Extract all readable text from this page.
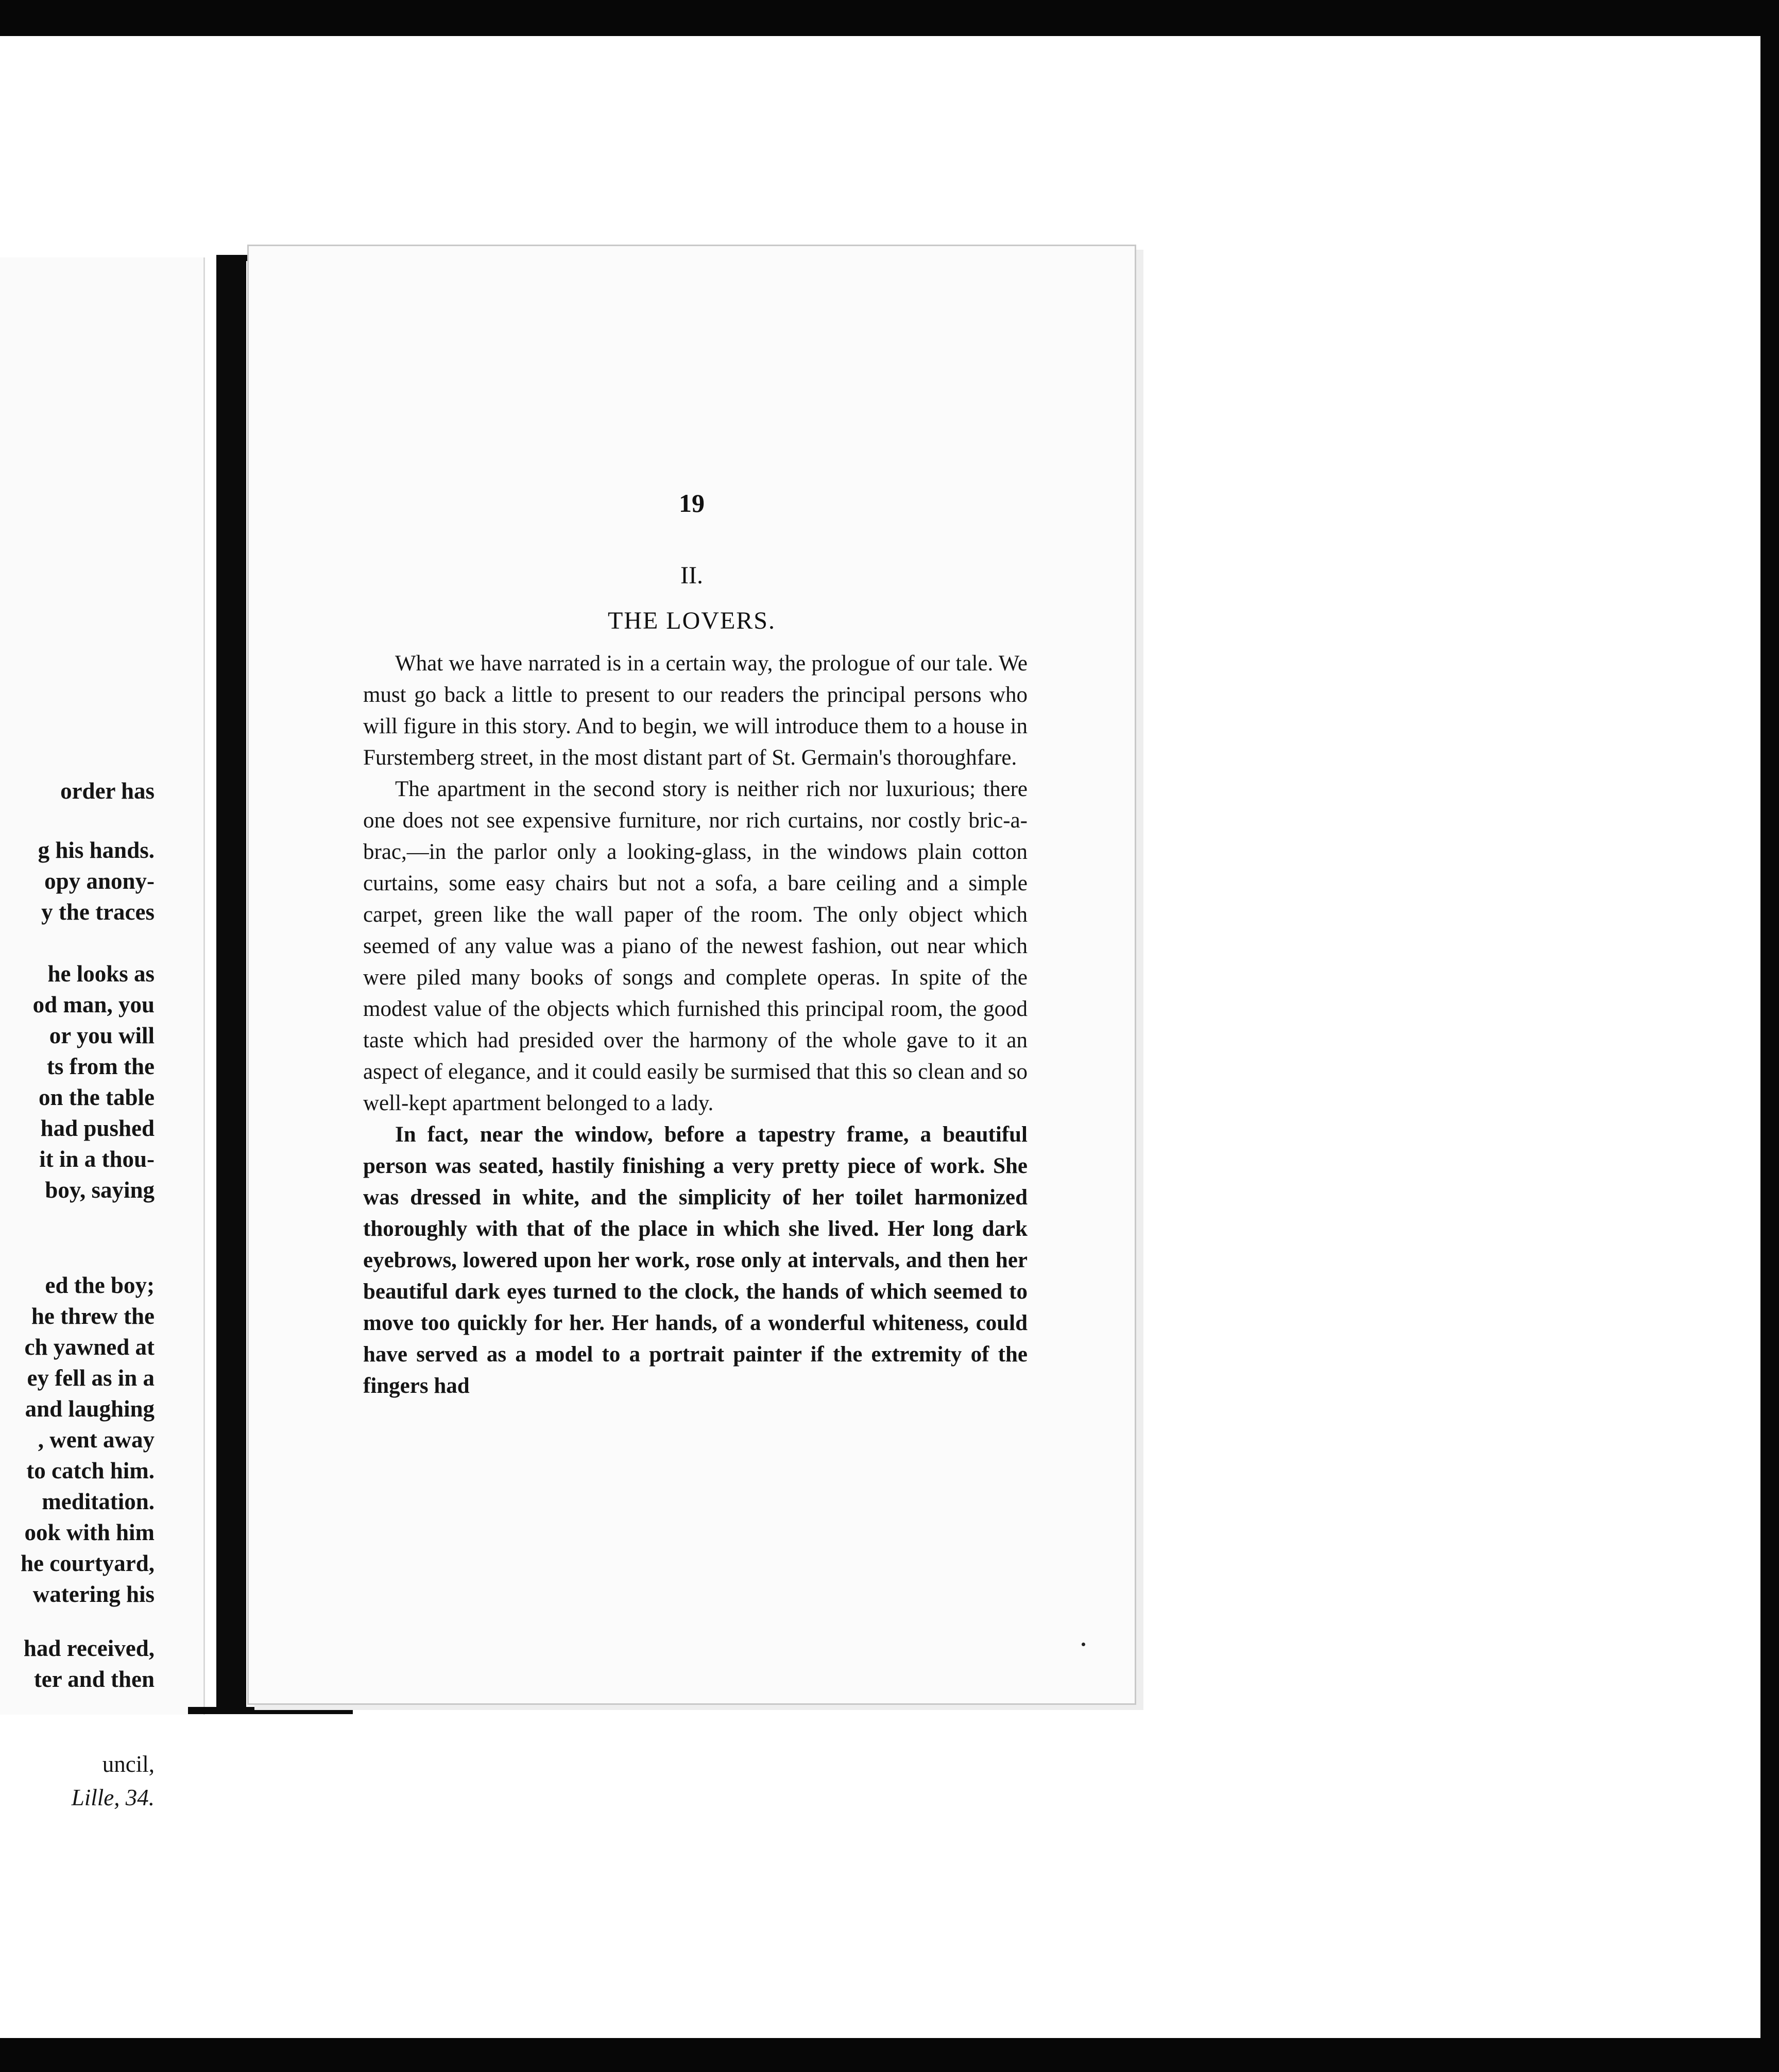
order has
g his hands.
opy anony-
y the traces
he looks as
od man, you
or you will
ts from the
on the table
had pushed
it in a thou-
boy, saying
ed the boy;
he threw the
ch yawned at
ey fell as in a
and laughing
, went away
to catch him.
meditation.
ook with him
he courtyard,
watering his
had received,
ter and then
uncil,
Lille, 34.
19
II.
THE LOVERS.

What we have narrated is in a certain way, the prologue of our tale. We must go back a little to present to our readers the principal persons who will figure in this story. And to begin, we will introduce them to a house in Furstemberg street, in the most distant part of St. Germain's thoroughfare.

The apartment in the second story is neither rich nor luxurious; there one does not see expensive furniture, nor rich curtains, nor costly bric-a- brac,—in the parlor only a looking-glass, in the windows plain cotton curtains, some easy chairs but not a sofa, a bare ceiling and a simple carpet, green like the wall paper of the room. The only object which seemed of any value was a piano of the newest fashion, out near which were piled many books of songs and complete operas. In spite of the modest value of the objects which furnished this principal room, the good taste which had presided over the harmony of the whole gave to it an aspect of elegance, and it could easily be surmised that this so clean and so well-kept apartment belonged to a lady.

In fact, near the window, before a tapestry frame, a beautiful person was seated, hastily finishing a very pretty piece of work. She was dressed in white, and the simplicity of her toilet harmonized thoroughly with that of the place in which she lived. Her long dark eyebrows, lowered upon her work, rose only at intervals, and then her beautiful dark eyes turned to the clock, the hands of which seemed to move too quickly for her. Her hands, of a wonderful whiteness, could have served as a model to a portrait painter if the extremity of the fingers had
